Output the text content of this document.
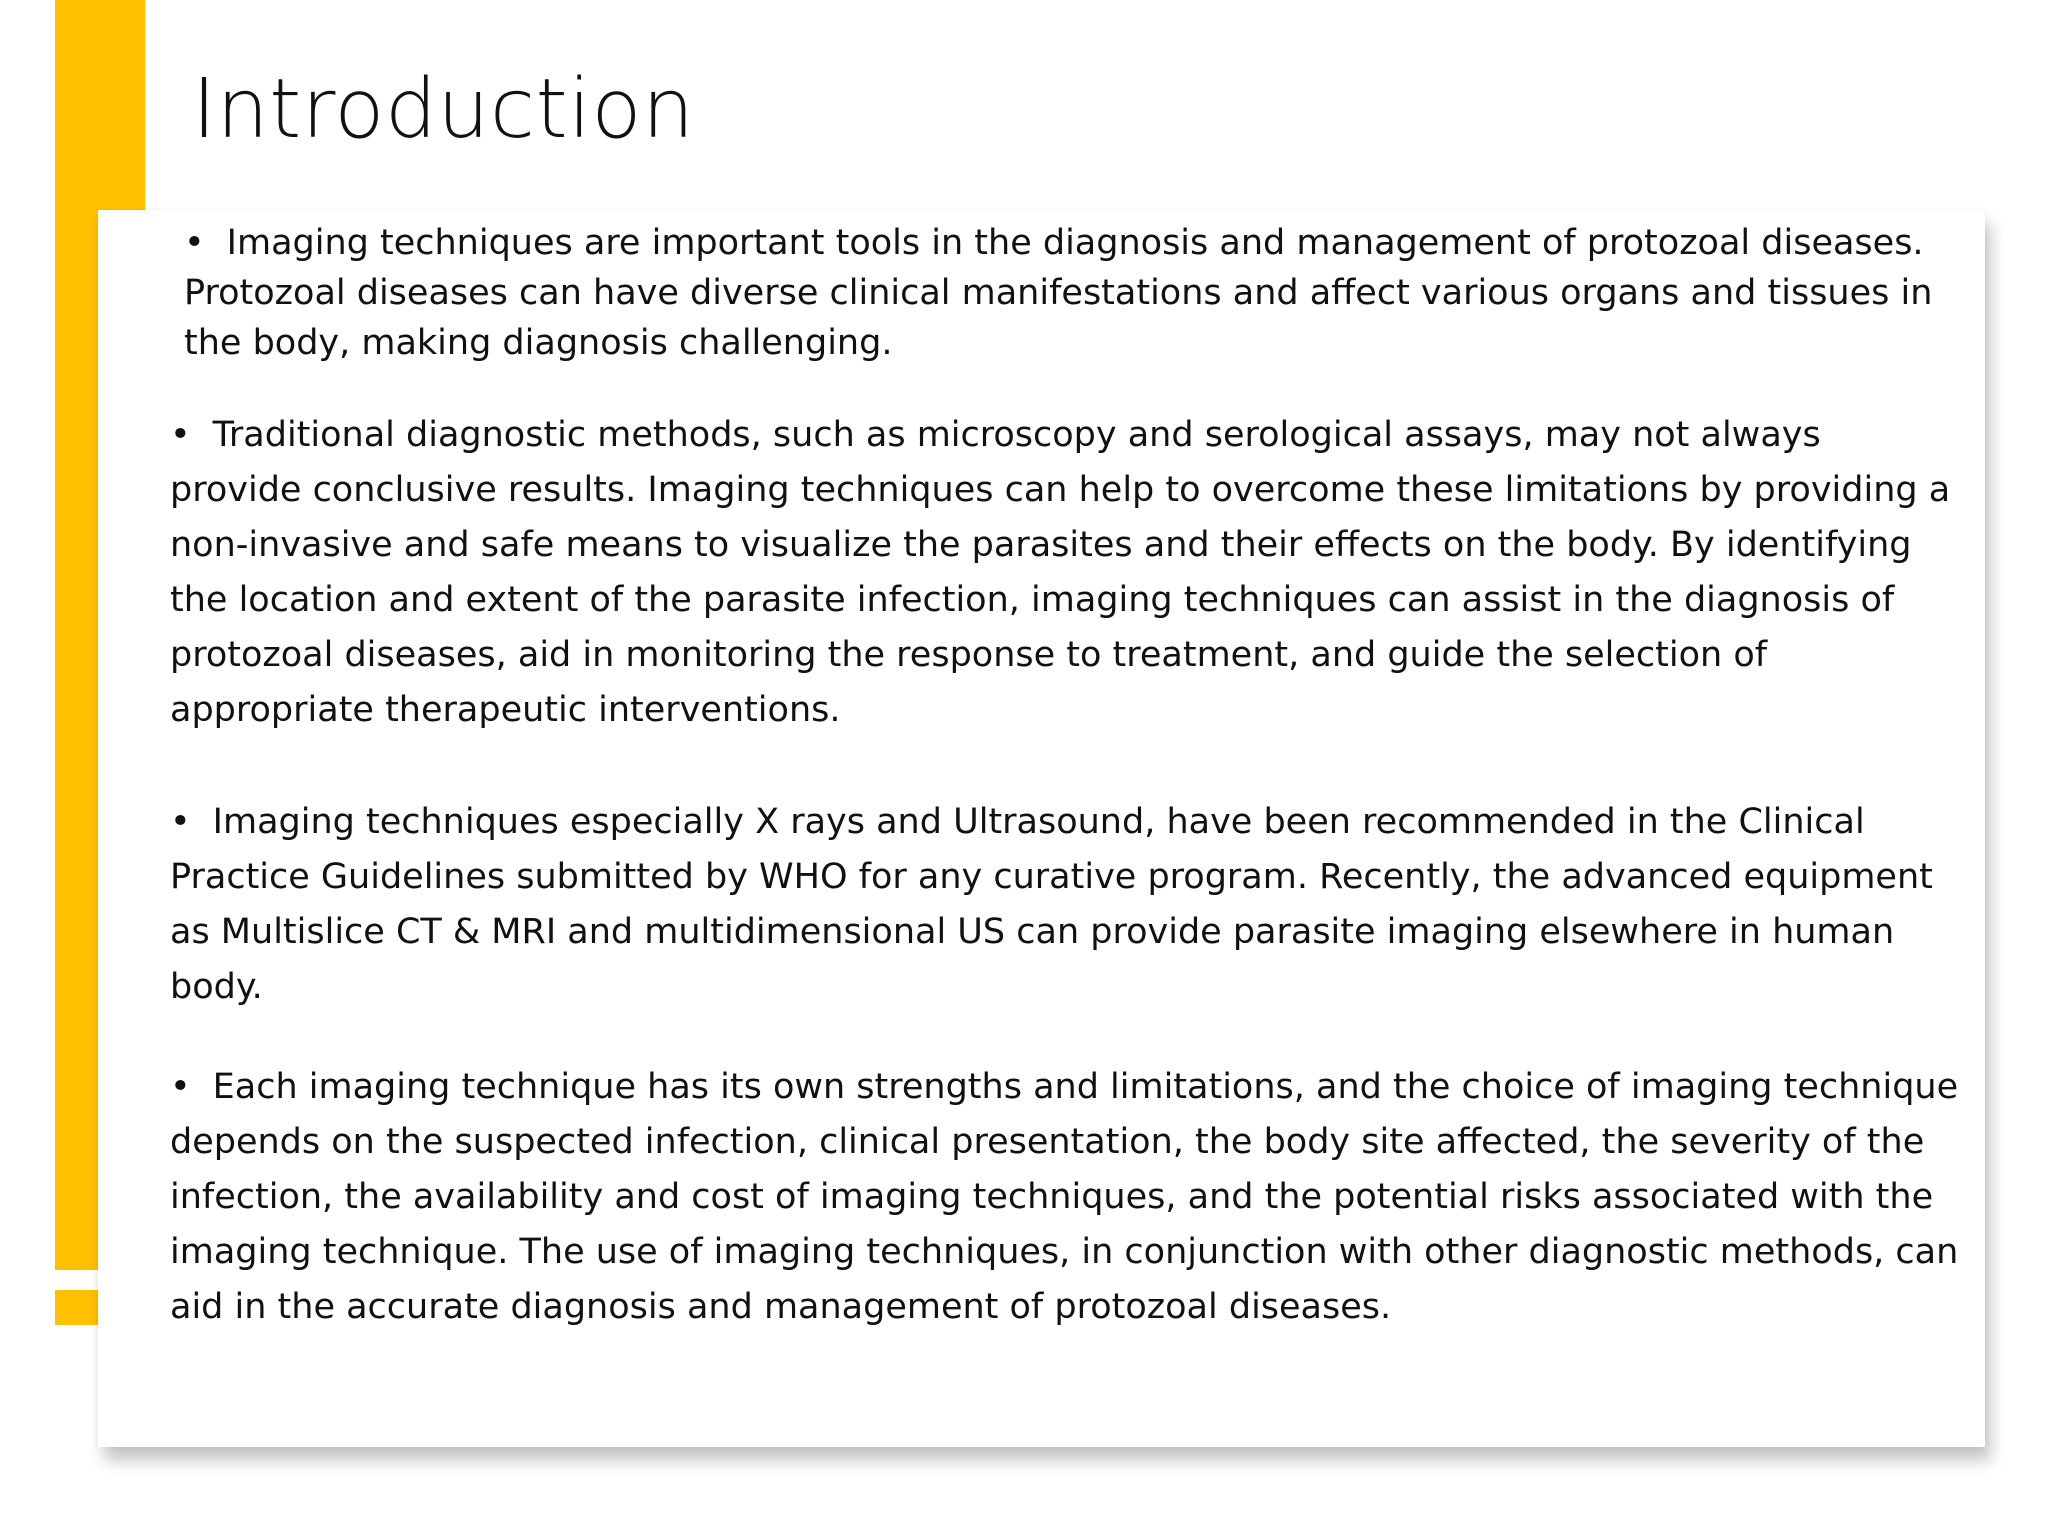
Introduction

• Imaging techniques are important tools in the diagnosis and management of protozoal diseases. Protozoal diseases can have diverse clinical manifestations and affect various organs and tissues in the body, making diagnosis challenging.

• Traditional diagnostic methods, such as microscopy and serological assays, may not always provide conclusive results. Imaging techniques can help to overcome these limitations by providing a non-invasive and safe means to visualize the parasites and their effects on the body. By identifying the location and extent of the parasite infection, imaging techniques can assist in the diagnosis of protozoal diseases, aid in monitoring the response to treatment, and guide the selection of appropriate therapeutic interventions.

• Imaging techniques especially X rays and Ultrasound, have been recommended in the Clinical Practice Guidelines submitted by WHO for any curative program. Recently, the advanced equipment as Multislice CT & MRI and multidimensional US can provide parasite imaging elsewhere in human body.

• Each imaging technique has its own strengths and limitations, and the choice of imaging technique depends on the suspected infection, clinical presentation, the body site affected, the severity of the infection, the availability and cost of imaging techniques, and the potential risks associated with the imaging technique. The use of imaging techniques, in conjunction with other diagnostic methods, can aid in the accurate diagnosis and management of protozoal diseases.
